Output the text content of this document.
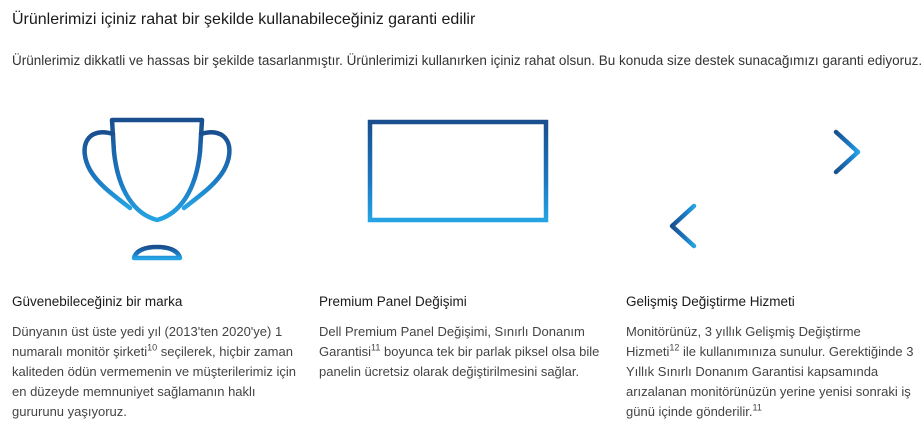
Ürünlerimizi içiniz rahat bir şekilde kullanabileceğiniz garanti edilir

Ürünlerimiz dikkatli ve hassas bir şekilde tasarlanmıştır. Ürünlerimizi kullanırken içiniz rahat olsun. Bu konuda size destek sunacağımızı garanti ediyoruz.

Güvenebileceğiniz bir marka

Dünyanın üst üste yedi yıl (2013'ten 2020'ye) 1 numaralı monitör şirketi$^{10}$ seçilerek, hiçbir zaman kaliteden ödün vermemenin ve müşterilerimiz için en düzeyde memnuniyet sağlamanın haklı gururunu yaşıyoruz.

Premium Panel Değişimi

Dell Premium Panel Değişimi, Sınırlı Donanım Garantisi$^{11}$ boyunca tek bir parlak piksel olsa bile panelin ücretsiz olarak değiştirilmesini sağlar.

Gelişmiş Değiştirme Hizmeti

Monitörünüz, 3 yıllık Gelişmiş Değiştirme Hizmeti$^{12}$ ile kullanımınıza sunulur. Gerektiğinde 3 Yıllık Sınırlı Donanım Garantisi kapsamında arızalanan monitörünüzün yerine yenisi sonraki iş günü içinde gönderilir.$^{11}$
